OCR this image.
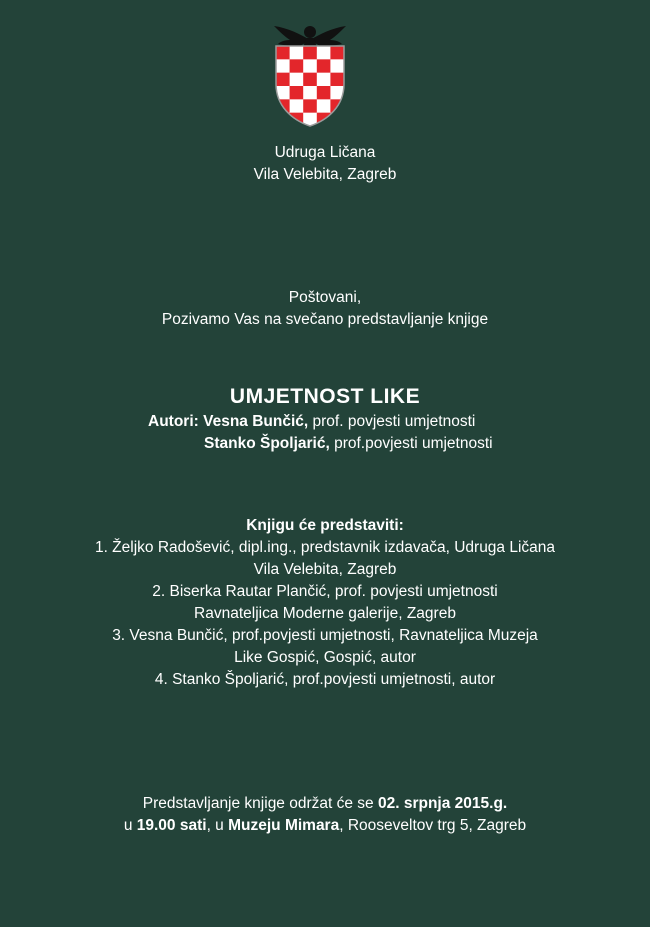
Udruga Ličana
Vila Velebita, Zagreb
Poštovani,
Pozivamo Vas na svečano predstavljanje knjige
UMJETNOST LIKE
Autori: Vesna Bunčić, prof. povjesti umjetnosti
Stanko Špoljarić, prof.povjesti umjetnosti
Knjigu će predstaviti:
1. Željko Radošević, dipl.ing., predstavnik izdavača, Udruga Ličana
Vila Velebita, Zagreb
2. Biserka Rautar Plančić, prof. povjesti umjetnosti
Ravnateljica Moderne galerije, Zagreb
3. Vesna Bunčić, prof.povjesti umjetnosti, Ravnateljica Muzeja
Like Gospić, Gospić, autor
4. Stanko Špoljarić, prof.povjesti umjetnosti, autor
Predstavljanje knjige održat će se 02. srpnja 2015.g.
u 19.00 sati, u Muzeju Mimara, Rooseveltov trg 5, Zagreb
